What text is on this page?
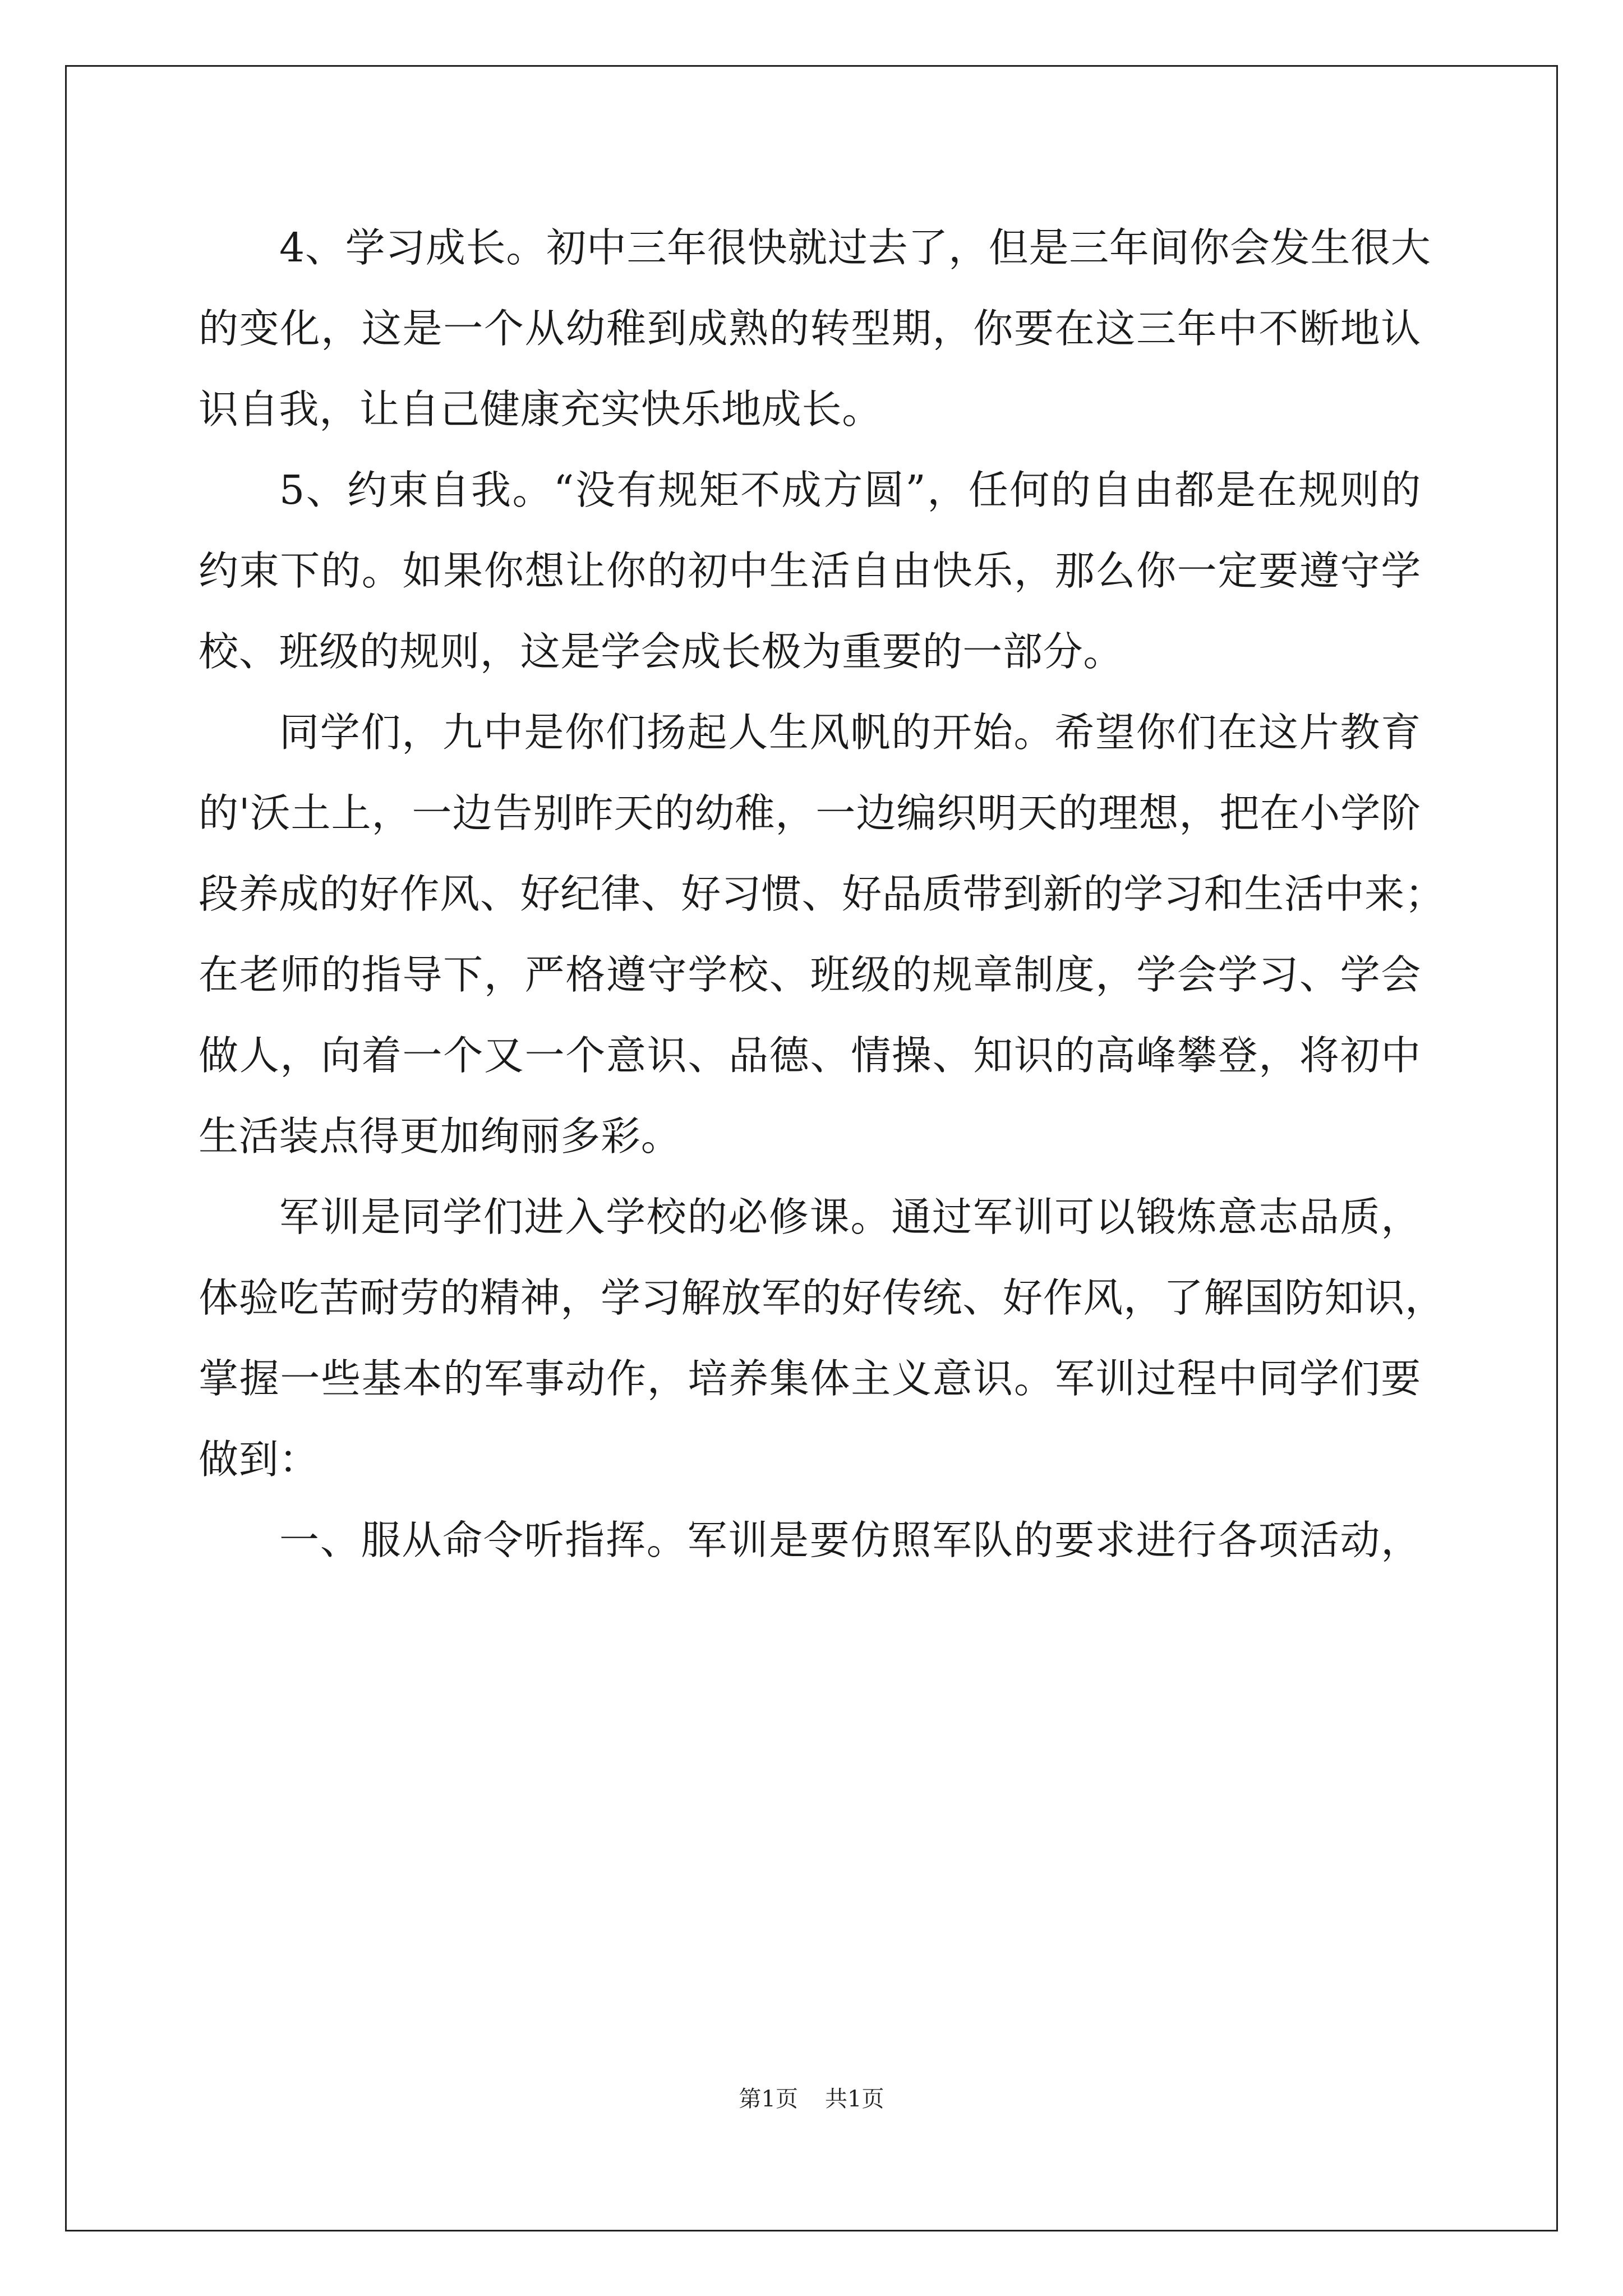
4、学习成长。初中三年很快就过去了，但是三年间你会发生很大
的变化，这是一个从幼稚到成熟的转型期，你要在这三年中不断地认
识自我，让自己健康充实快乐地成长。
5、约束自我。“没有规矩不成方圆”，任何的自由都是在规则的
约束下的。如果你想让你的初中生活自由快乐，那么你一定要遵守学
校、班级的规则，这是学会成长极为重要的一部分。
同学们，九中是你们扬起人生风帆的开始。希望你们在这片教育
的'沃土上，一边告别昨天的幼稚，一边编织明天的理想，把在小学阶
段养成的好作风、好纪律、好习惯、好品质带到新的学习和生活中来；
在老师的指导下，严格遵守学校、班级的规章制度，学会学习、学会
做人，向着一个又一个意识、品德、情操、知识的高峰攀登，将初中
生活装点得更加绚丽多彩。
军训是同学们进入学校的必修课。通过军训可以锻炼意志品质，
体验吃苦耐劳的精神，学习解放军的好传统、好作风，了解国防知识，
掌握一些基本的军事动作，培养集体主义意识。军训过程中同学们要
做到：
一、服从命令听指挥。军训是要仿照军队的要求进行各项活动，
第1页 共1页
